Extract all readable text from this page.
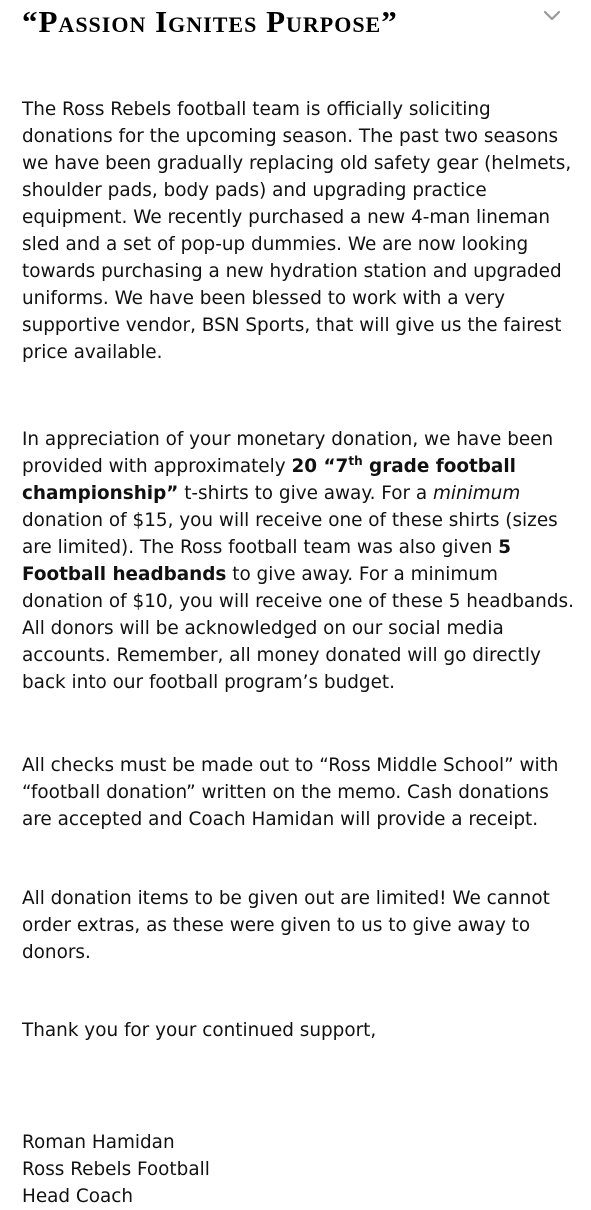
“Passion Ignites Purpose”

The Ross Rebels football team is officially soliciting donations for the upcoming season. The past two seasons we have been gradually replacing old safety gear (helmets, shoulder pads, body pads) and upgrading practice equipment. We recently purchased a new 4-man lineman sled and a set of pop-up dummies. We are now looking towards purchasing a new hydration station and upgraded uniforms. We have been blessed to work with a very supportive vendor, BSN Sports, that will give us the fairest price available.

In appreciation of your monetary donation, we have been provided with approximately 20 “7th grade football championship” t-shirts to give away. For a minimum donation of $15, you will receive one of these shirts (sizes are limited). The Ross football team was also given 5 Football headbands to give away. For a minimum donation of $10, you will receive one of these 5 headbands. All donors will be acknowledged on our social media accounts. Remember, all money donated will go directly back into our football program’s budget.

All checks must be made out to “Ross Middle School” with “football donation” written on the memo. Cash donations are accepted and Coach Hamidan will provide a receipt.

All donation items to be given out are limited! We cannot order extras, as these were given to us to give away to donors.

Thank you for your continued support,

Roman Hamidan
Ross Rebels Football
Head Coach
